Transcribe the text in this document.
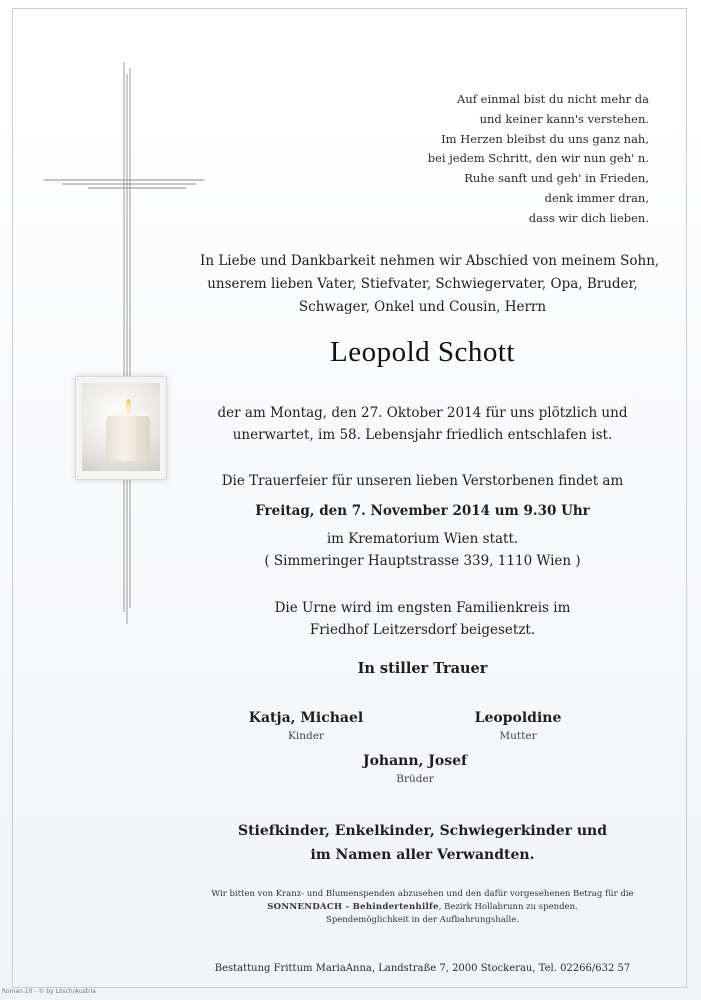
Auf einmal bist du nicht mehr da
und keiner kann's verstehen.
Im Herzen bleibst du uns ganz nah,
bei jedem Schritt, den wir nun geh' n.
Ruhe sanft und geh' in Frieden,
denk immer dran,
dass wir dich lieben.
In Liebe und Dankbarkeit nehmen wir Abschied von meinem Sohn,
unserem lieben Vater, Stiefvater, Schwiegervater, Opa, Bruder,
Schwager, Onkel und Cousin, Herrn
Leopold Schott
der am Montag, den 27. Oktober 2014 für uns plötzlich und
unerwartet, im 58. Lebensjahr friedlich entschlafen ist.
Die Trauerfeier für unseren lieben Verstorbenen findet am
Freitag, den 7. November 2014 um 9.30 Uhr
im Krematorium Wien statt.
( Simmeringer Hauptstrasse 339, 1110 Wien )
Die Urne wird im engsten Familienkreis im
Friedhof Leitzersdorf beigesetzt.
In stiller Trauer
Katja, Michael
Kinder
Leopoldine
Mutter
Johann, Josef
Brüder
Stiefkinder, Enkelkinder, Schwiegerkinder und
im Namen aller Verwandten.
Wir bitten von Kranz- und Blumenspenden abzusehen und den dafür vorgesehenen Betrag für die
SONNENDACH - Behindertenhilfe, Bezirk Hollabrunn zu spenden.
Spendemöglichkeit in der Aufbahrungshalle.
Bestattung Frittum MariaAnna, Landstraße 7, 2000 Stockerau, Tel. 02266/632 57
Roman 10 - © by Lösch/Austria
